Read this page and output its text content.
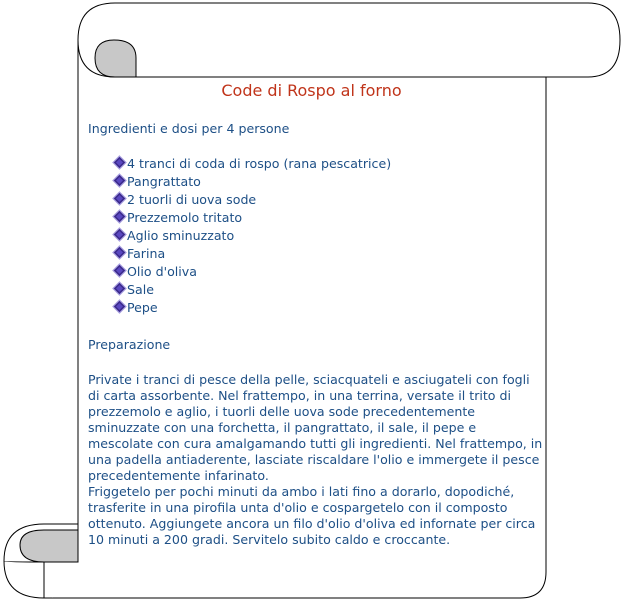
Code di Rospo al forno

Ingredienti e dosi per 4 persone

4 tranci di coda di rospo (rana pescatrice)
Pangrattato
2 tuorli di uova sode
Prezzemolo tritato
Aglio sminuzzato
Farina
Olio d'oliva
Sale
Pepe

Preparazione

Private i tranci di pesce della pelle, sciacquateli e asciugateli con fogli di carta assorbente. Nel frattempo, in una terrina, versate il trito di prezzemolo e aglio, i tuorli delle uova sode precedentemente sminuzzate con una forchetta, il pangrattato, il sale, il pepe e mescolate con cura amalgamando tutti gli ingredienti. Nel frattempo, in una padella antiaderente, lasciate riscaldare l'olio e immergete il pesce precedentemente infarinato.
Friggetelo per pochi minuti da ambo i lati fino a dorarlo, dopodiché, trasferite in una pirofila unta d'olio e cospargetelo con il composto ottenuto. Aggiungete ancora un filo d'olio d'oliva ed infornate per circa 10 minuti a 200 gradi. Servitelo subito caldo e croccante.
